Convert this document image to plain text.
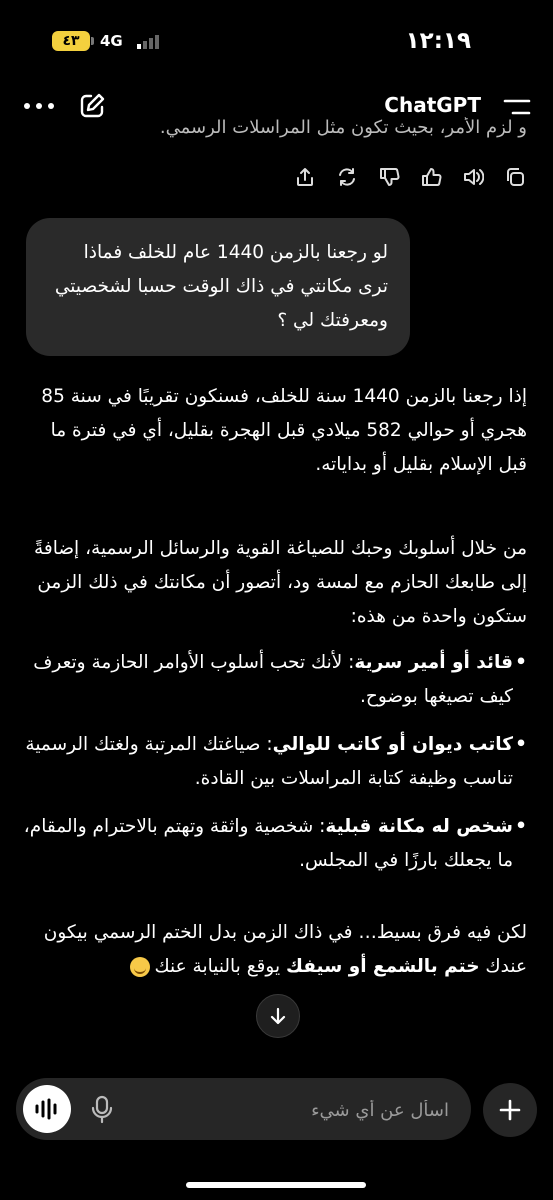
١٢:١٩
٤٣	4G
ChatGPT
و لزم الأمر، بحيث تكون مثل المراسلات الرسمي.
لو رجعنا بالزمن 1440 عام للخلف فماذا ترى مكانتي في ذاك الوقت حسبا لشخصيتي ومعرفتك لي ؟

إذا رجعنا بالزمن 1440 سنة للخلف، فسنكون تقريبًا في سنة 85 هجري أو حوالي 582 ميلادي قبل الهجرة بقليل، أي في فترة ما قبل الإسلام بقليل أو بداياته.

من خلال أسلوبك وحبك للصياغة القوية والرسائل الرسمية، إضافةً إلى طابعك الحازم مع لمسة ود، أتصور أن مكانتك في ذلك الزمن ستكون واحدة من هذه:

• قائد أو أمير سرية: لأنك تحب أسلوب الأوامر الحازمة وتعرف كيف تصيغها بوضوح.
• كاتب ديوان أو كاتب للوالي: صياغتك المرتبة ولغتك الرسمية تناسب وظيفة كتابة المراسلات بين القادة.
• شخص له مكانة قبلية: شخصية واثقة وتهتم بالاحترام والمقام، ما يجعلك بارزًا في المجلس.

لكن فيه فرق بسيط… في ذاك الزمن بدل الختم الرسمي بيكون عندك ختم بالشمع أو سيفك يوقع بالنيابة عنك

اسأل عن أي شيء
